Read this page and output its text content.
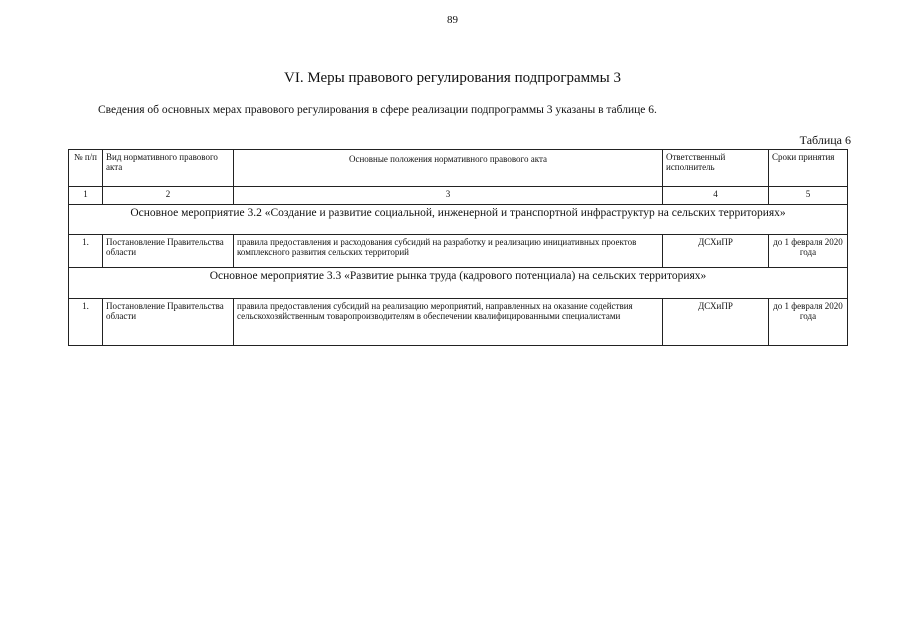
89
VI. Меры правового регулирования подпрограммы 3
Сведения об основных мерах правового регулирования в сфере реализации подпрограммы 3 указаны в таблице 6.
Таблица 6
№ п/п	Вид нормативного правового акта	Основные положения нормативного правового акта	Ответственный исполнитель	Сроки принятия
1	2	3	4	5
Основное мероприятие 3.2 «Создание и развитие социальной, инженерной и транспортной инфраструктур на сельских территориях»				
1.	Постановление Правительства области	правила предоставления и расходования субсидий на разработку и реализацию инициативных проектов комплексного развития сельских территорий	ДСХиПР	до 1 февраля 2020 года
Основное мероприятие 3.3 «Развитие рынка труда (кадрового потенциала) на сельских территориях»				
1.	Постановление Правительства области	правила предоставления субсидий на реализацию мероприятий, направленных на оказание содействия сельскохозяйственным товаропроизводителям в обеспечении квалифицированными специалистами	ДСХиПР	до 1 февраля 2020 года
